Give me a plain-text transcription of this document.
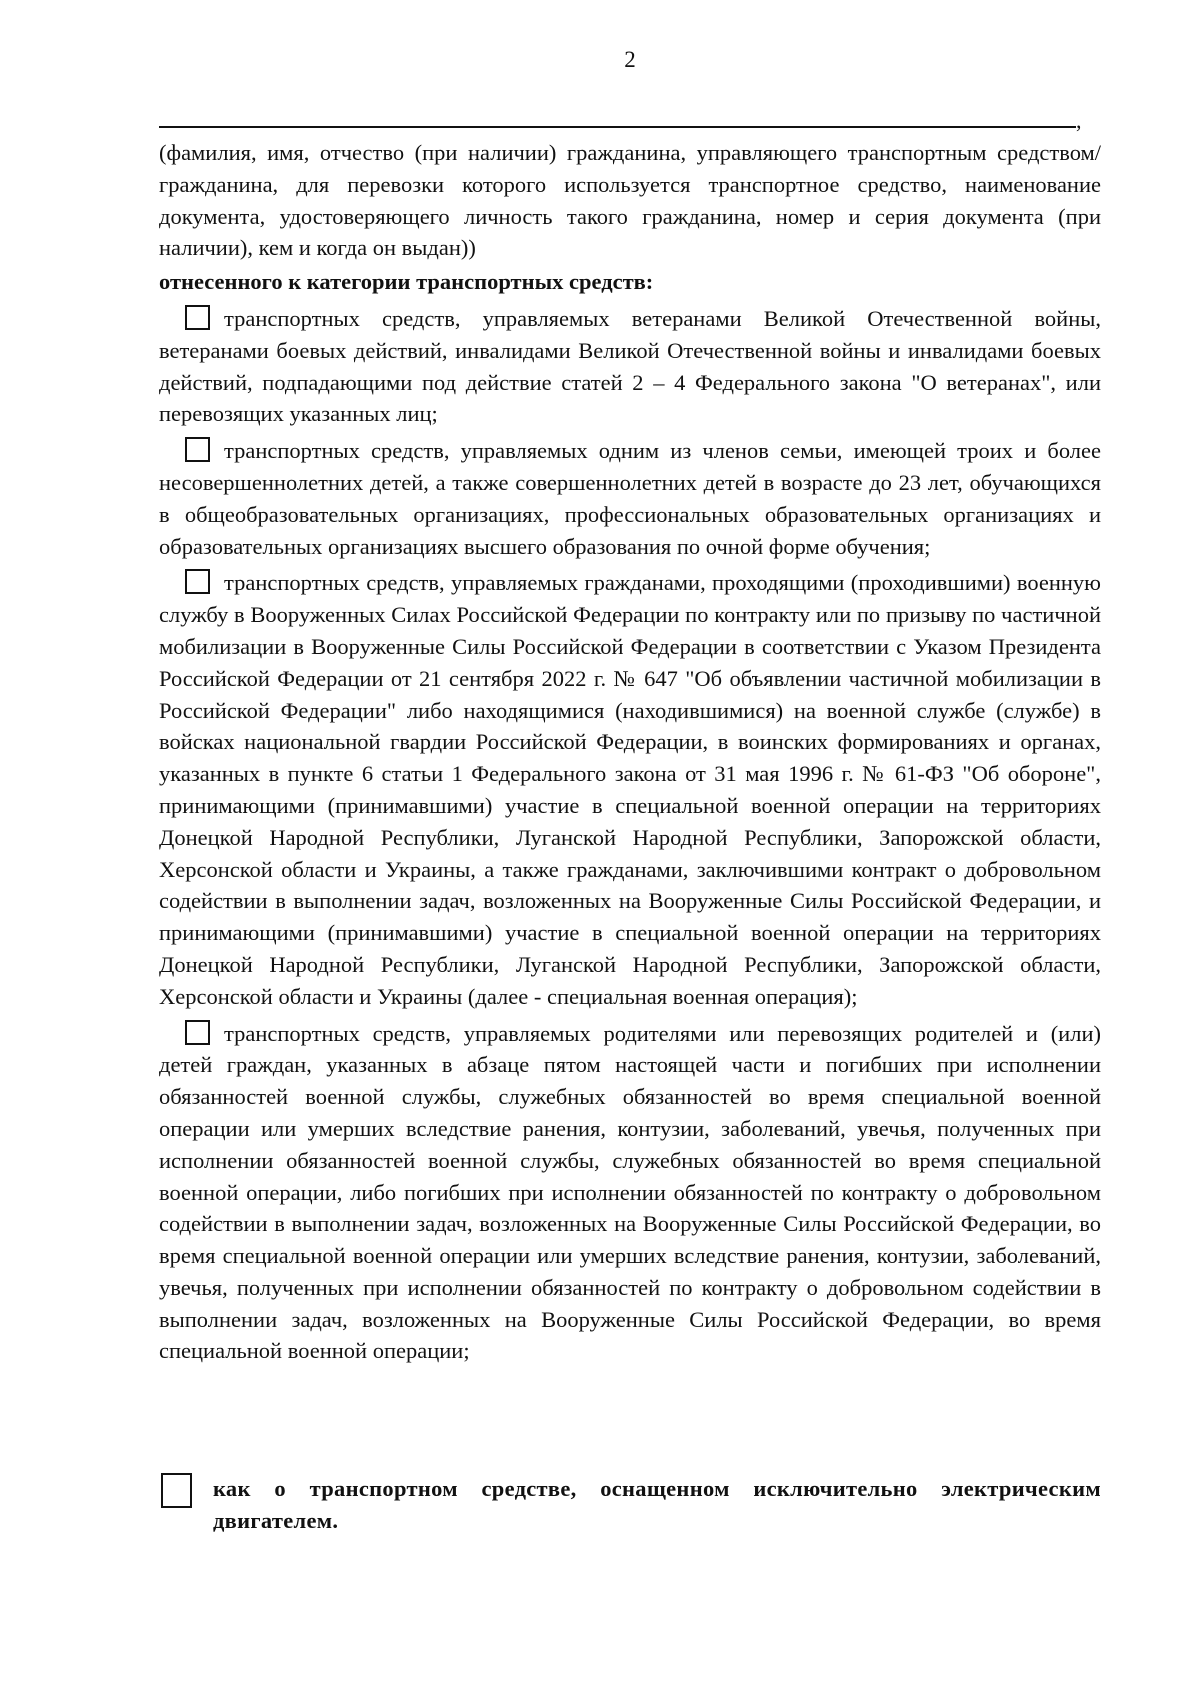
2
,

(фамилия, имя, отчество (при наличии) гражданина, управляющего транспортным средством/гражданина, для перевозки которого используется транспортное средство, наименование документа, удостоверяющего личность такого гражданина, номер и серия документа (при наличии), кем и когда он выдан))

отнесенного к категории транспортных средств:

транспортных средств, управляемых ветеранами Великой Отечественной войны, ветеранами боевых действий, инвалидами Великой Отечественной войны и инвалидами боевых действий, подпадающими под действие статей 2 – 4 Федерального закона "О ветеранах", или перевозящих указанных лиц;

транспортных средств, управляемых одним из членов семьи, имеющей троих и более несовершеннолетних детей, а также совершеннолетних детей в возрасте до 23 лет, обучающихся в общеобразовательных организациях, профессиональных образовательных организациях и образовательных организациях высшего образования по очной форме обучения;

транспортных средств, управляемых гражданами, проходящими (проходившими) военную службу в Вооруженных Силах Российской Федерации по контракту или по призыву по частичной мобилизации в Вооруженные Силы Российской Федерации в соответствии с Указом Президента Российской Федерации от 21 сентября 2022 г. № 647 "Об объявлении частичной мобилизации в Российской Федерации" либо находящимися (находившимися) на военной службе (службе) в войсках национальной гвардии Российской Федерации, в воинских формированиях и органах, указанных в пункте 6 статьи 1 Федерального закона от 31 мая 1996 г. № 61-ФЗ "Об обороне", принимающими (принимавшими) участие в специальной военной операции на территориях Донецкой Народной Республики, Луганской Народной Республики, Запорожской области, Херсонской области и Украины, а также гражданами, заключившими контракт о добровольном содействии в выполнении задач, возложенных на Вооруженные Силы Российской Федерации, и принимающими (принимавшими) участие в специальной военной операции на территориях Донецкой Народной Республики, Луганской Народной Республики, Запорожской области, Херсонской области и Украины (далее - специальная военная операция);

транспортных средств, управляемых родителями или перевозящих родителей и (или) детей граждан, указанных в абзаце пятом настоящей части и погибших при исполнении обязанностей военной службы, служебных обязанностей во время специальной военной операции или умерших вследствие ранения, контузии, заболеваний, увечья, полученных при исполнении обязанностей военной службы, служебных обязанностей во время специальной военной операции, либо погибших при исполнении обязанностей по контракту о добровольном содействии в выполнении задач, возложенных на Вооруженные Силы Российской Федерации, во время специальной военной операции или умерших вследствие ранения, контузии, заболеваний, увечья, полученных при исполнении обязанностей по контракту о добровольном содействии в выполнении задач, возложенных на Вооруженные Силы Российской Федерации, во время специальной военной операции;

как о транспортном средстве, оснащенном исключительно электрическим двигателем.
